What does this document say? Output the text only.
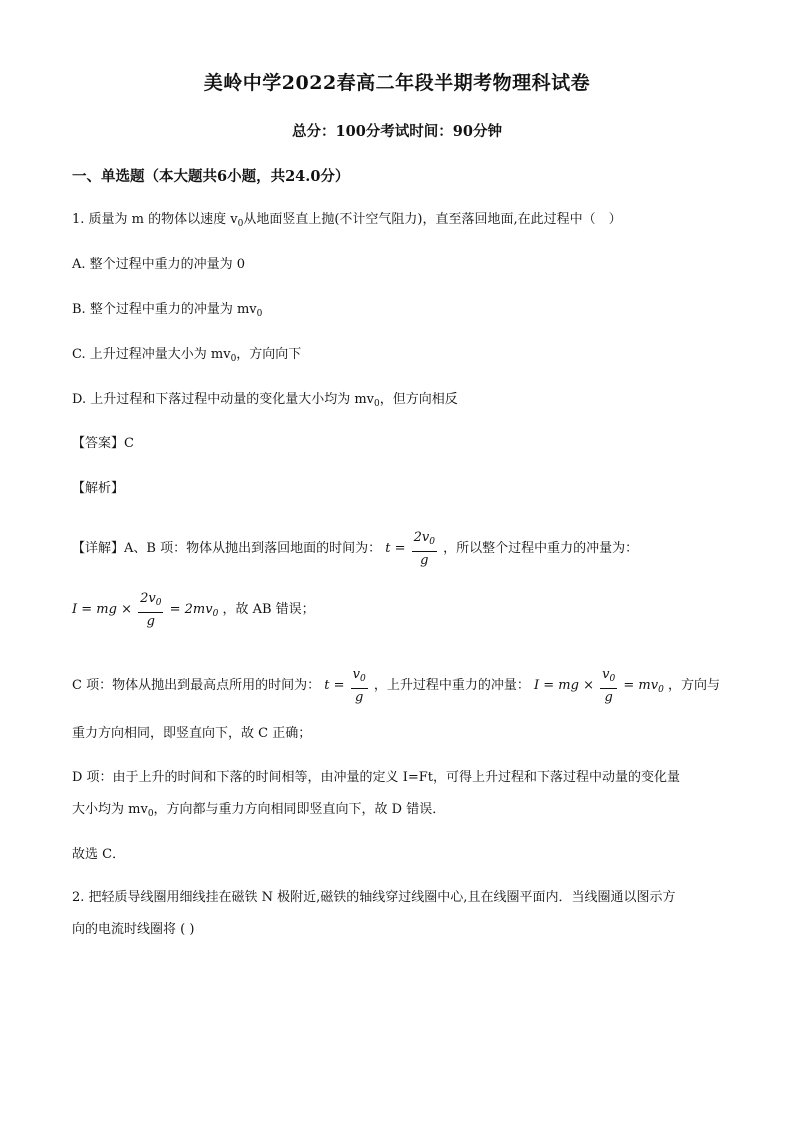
美岭中学2022春高二年段半期考物理科试卷
总分：100分考试时间：90分钟
一、单选题（本大题共6小题，共24.0分）
1. 质量为 m 的物体以速度 $v_0$从地面竖直上抛(不计空气阻力)，直至落回地面,在此过程中（　）
A. 整个过程中重力的冲量为 0
B. 整个过程中重力的冲量为 $mv_0$
C. 上升过程冲量大小为 $mv_0$，方向向下
D. 上升过程和下落过程中动量的变化量大小均为 $mv_0$，但方向相反
【答案】C
【解析】
【详解】A、B 项：物体从抛出到落回地面的时间为： $t = \frac{2v_0}{g}$ ，所以整个过程中重力的冲量为：
I = mg × $\frac{2v_0}{g} = 2mv_0$ ，故 AB 错误；
C 项：物体从抛出到最高点所用的时间为： $t = \frac{v_0}{g}$ ，上升过程中重力的冲量： I = mg × $\frac{v_0}{g} = mv_0$ ，方向与
重力方向相同，即竖直向下，故 C 正确；
D 项：由于上升的时间和下落的时间相等，由冲量的定义 I=Ft，可得上升过程和下落过程中动量的变化量
大小均为 $mv_0$，方向都与重力方向相同即竖直向下，故 D 错误．
故选 C．
2. 把轻质导线圈用细线挂在磁铁 N 极附近,磁铁的轴线穿过线圈中心,且在线圈平面内．当线圈通以图示方
向的电流时线圈将 ( )
